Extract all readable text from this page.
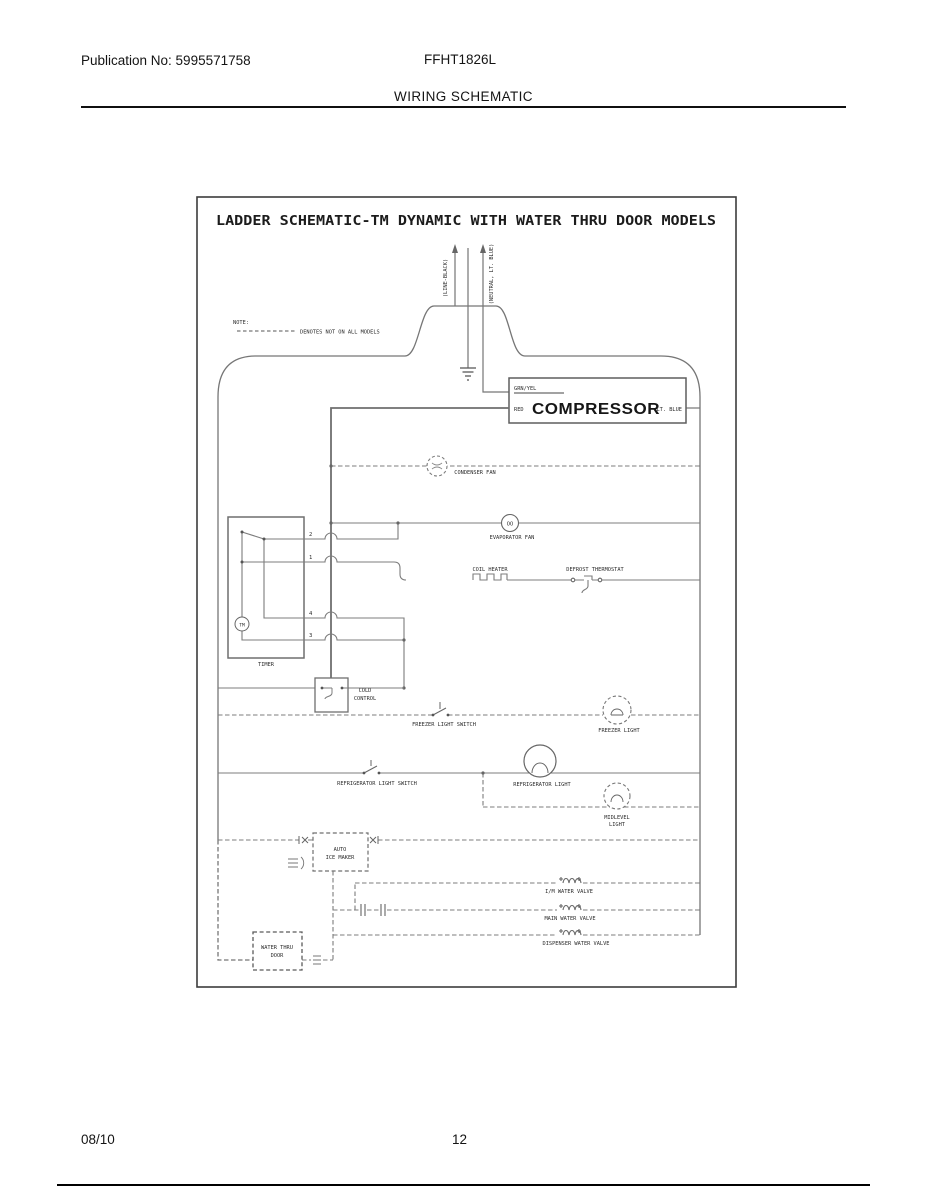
Publication No: 5995571758	FFHT1826L
WIRING SCHEMATIC
LADDER SCHEMATIC-TM DYNAMIC WITH WATER THRU DOOR MODELS
NOTE:
DENOTES NOT ON ALL MODELS
(LINE-BLACK)	(NEUTRAL, LT. BLUE)
GRN/YEL
RED COMPRESSOR
LT. BLUE
CONDENSER FAN
OO
EVAPORATOR FAN
TM
TIMER
2
1
4
3
COIL HEATER	DEFROST THERMOSTAT
COLD
CONTROL
FREEZER LIGHT SWITCH
FREEZER LIGHT
REFRIGERATOR LIGHT SWITCH	REFRIGERATOR LIGHT
MIDLEVEL
LIGHT
AUTO
ICE MAKER
I/M WATER VALVE
MAIN WATER VALVE
DISPENSER WATER VALVE
WATER THRU
DOOR
08/10	12
